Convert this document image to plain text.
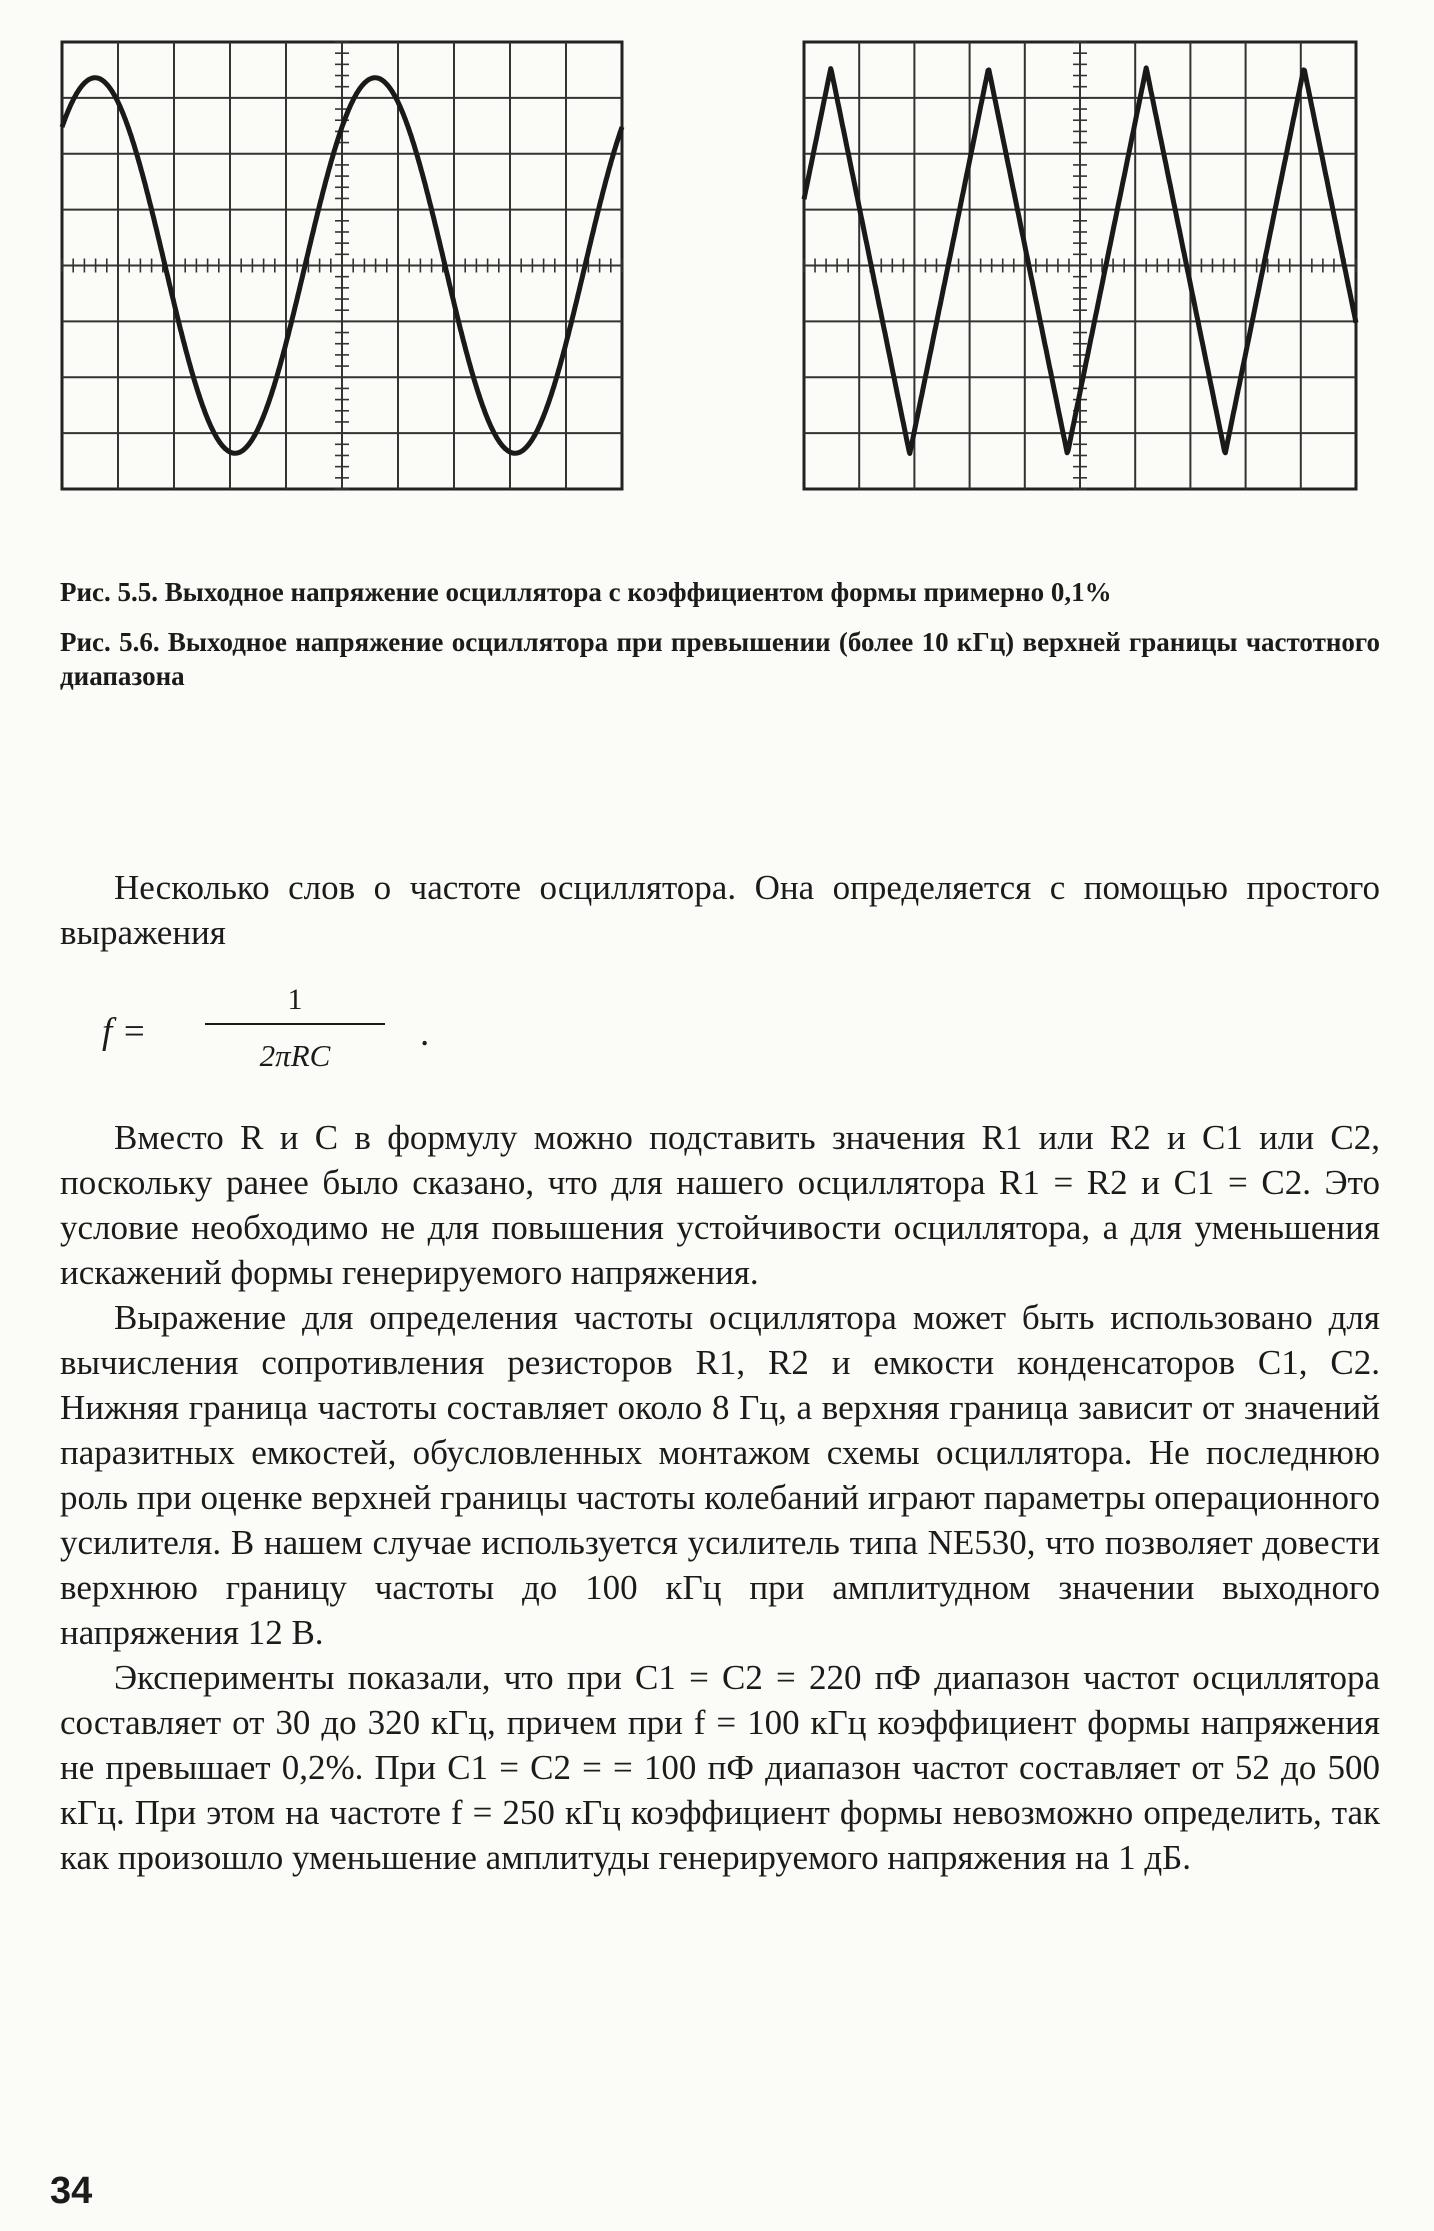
Рис. 5.5. Выходное напряжение осциллятора с коэффициентом формы примерно 0,1%

Рис. 5.6. Выходное напряжение осциллятора при превышении (более 10 кГц) верхней границы частотного диапазона

Несколько слов о частоте осциллятора. Она определяется с помощью простого выражения

f =
1
2πRC
.

Вместо R и C в формулу можно подставить значения R1 или R2 и C1 или C2, поскольку ранее было сказано, что для нашего осциллятора R1 = R2 и C1 = C2. Это условие необходимо не для повышения устойчивости осциллятора, а для уменьшения искажений формы генерируемого напряжения.

Выражение для определения частоты осциллятора может быть использовано для вычисления сопротивления резисторов R1, R2 и емкости конденсаторов C1, C2. Нижняя граница частоты составляет около 8 Гц, а верхняя граница зависит от значений паразитных емкостей, обусловленных монтажом схемы осциллятора. Не последнюю роль при оценке верхней границы частоты колебаний играют параметры операционного усилителя. В нашем случае используется усилитель типа NE530, что позволяет довести верхнюю границу частоты до 100 кГц при амплитудном значении выходного напряжения 12 В.

Эксперименты показали, что при C1 = C2 = 220 пФ диапазон частот осциллятора составляет от 30 до 320 кГц, причем при f = 100 кГц коэффициент формы напряжения не превышает 0,2%. При C1 = C2 = = 100 пФ диапазон частот составляет от 52 до 500 кГц. При этом на частоте f = 250 кГц коэффициент формы невозможно определить, так как произошло уменьшение амплитуды генерируемого напряжения на 1 дБ.

34
